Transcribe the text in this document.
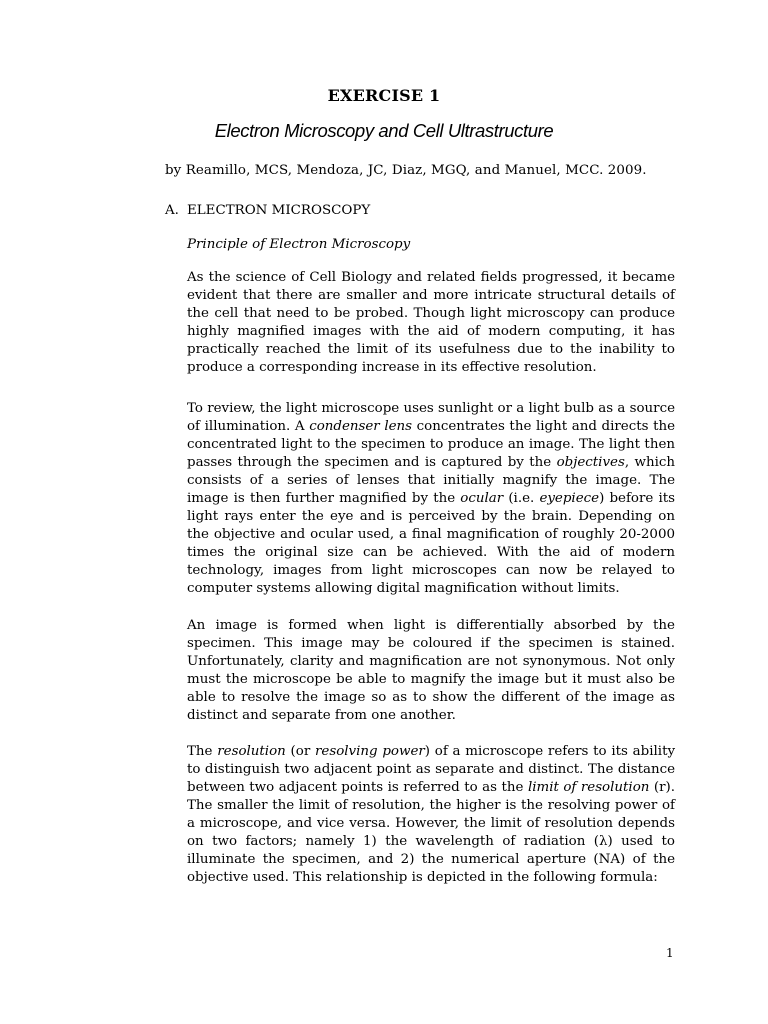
EXERCISE 1
Electron Microscopy and Cell Ultrastructure
by Reamillo, MCS, Mendoza, JC, Diaz, MGQ, and Manuel, MCC. 2009.
A. ELECTRON MICROSCOPY
Principle of Electron Microscopy
As the science of Cell Biology and related fields progressed, it became evident that there are smaller and more intricate structural details of the cell that need to be probed. Though light microscopy can produce highly magnified images with the aid of modern computing, it has practically reached the limit of its usefulness due to the inability to produce a corresponding increase in its effective resolution.
To review, the light microscope uses sunlight or a light bulb as a source of illumination. A condenser lens concentrates the light and directs the concentrated light to the specimen to produce an image. The light then passes through the specimen and is captured by the objectives, which consists of a series of lenses that initially magnify the image. The image is then further magnified by the ocular (i.e. eyepiece) before its light rays enter the eye and is perceived by the brain. Depending on the objective and ocular used, a final magnification of roughly 20-2000 times the original size can be achieved. With the aid of modern technology, images from light microscopes can now be relayed to computer systems allowing digital magnification without limits.
An image is formed when light is differentially absorbed by the specimen. This image may be coloured if the specimen is stained. Unfortunately, clarity and magnification are not synonymous. Not only must the microscope be able to magnify the image but it must also be able to resolve the image so as to show the different of the image as distinct and separate from one another.
The resolution (or resolving power) of a microscope refers to its ability to distinguish two adjacent point as separate and distinct. The distance between two adjacent points is referred to as the limit of resolution (r). The smaller the limit of resolution, the higher is the resolving power of a microscope, and vice versa. However, the limit of resolution depends on two factors; namely 1) the wavelength of radiation (λ) used to illuminate the specimen, and 2) the numerical aperture (NA) of the objective used. This relationship is depicted in the following formula:
1
